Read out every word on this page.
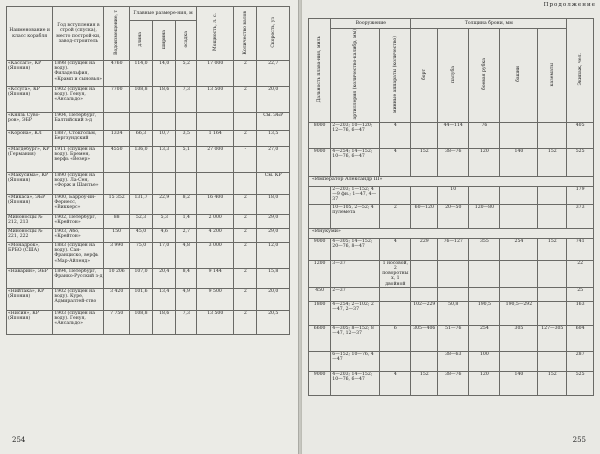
Наименование и класс корабля	Год вступления в строй (спуска), место построй-ки, завод-строитель	Водоизмещение, т	Главные размере-ния, м			Мощность, л. с.	Количество валов	Скорость, уз
			длина	ширина	осадка			
«Кассагі», КР (Япония)	1898 (спущен на воду). Филадельфия, «Крамп и сыновья»	4760	114,0	14,0	5,2	17 000	2	22,7
«Кссуга», КР (Япония)	1902 (спущен на воду). Генуя, «Ансальдо»	7700	108,8	18,6	7,3	13 500	2	20,0
«Князь Суво-ров», ЭБР	1904, Петербург, Балтийский з-д							См. ЭБР
«Корона», КЛ	1887, Стокгольм, Бергзундский	1334	66,3	10,7	3,5	1 164	2	13,5
«Магдебург», КР (Германия)	1911 (спущен на воду). Бремен, верфь «Везер»	4550	136,0	13,3	5,1	27 000	-	27,0
«Макусима», КР (Япония)	1890 (спущен на воду). Ла-Сен, «Форж и Шантье»							См. КР
«Микаса», ЭБР (Япония)	1900, Барроу-ин-Фернесс, «Виккерс»	15 352	131,7	22,9	8,2	16 400	2	18,0
Миноносцы № 212, 213	1902, Петербург, «Крейтон»	88	52,3	5,3	1,4	2 000	2	29,0
Миноносцы № 221, 222	1903, Або, «Крейтон»	150	45,0	4,6	2,7	4 200	2	29,0
«Монадрок», БРБО (США)	1883 (спущен на воду). Сан-Франциско, верфь «Мар-Айленд»	3 990	75,0	17,0	4,8	3 000	2	12,0
«Наварин», ЭБР	1894, Петербург, Франко-Русский з-д	10 206	107,0	20,4	8,4	9 144	2	15,8
«Нийтака», КР (Япония)	1902 (спущен на воду). Куре, Адмиралтей-ство	3 420	101,6	13,4	4,9	9 500	2	20,0
«Нисин», КР (Япония)	1903 (спущен на воду). Генуя, «Ансальдо»	7 750	108,8	18,6	7,3	13 500	2	20,5
254
Продолжение
Дальность плава-ния, миль	Вооружение		Толщина брони, мм					Экипаж, чел.
	артиллерия (количество-калибр, мм)	минные аппараты (количество)	борт	палуба	боевая рубка	башни	казематы	
8000	2—203; 10—120; 12—76, 6—47	4		44—114	76			405
9000	4—254; 14—152; 10—76, 6—47	4	152	38—76	120	140	152	525
«Император Александр III»								
	2—203; 1—152; 4—9 фн.; 1—47, 4—37			10				179
	10—105, 2—52; 4 пулемета	2	60—120	20—50	120—80			373
«Инукуми»								
9000	4—305; 14—152; 20—76, 8—47	4	229	76—127	355	254	152	741
1200	3—37	1 носовой, 2 поворотных, 1 двойной						22
450	2—37							25
1800	4—254; 2—102; 2—47, 2—37		102—229	50,8	190,5	190,5—292		163
6600	4—305; 8—152; 8—47, 12—37	6	305—406	51—76	254	305	127—305	604
	6—152; 10—76, 4—47			38—63	100			287
9000	4—203; 14—152; 10—76, 6—47	4	152	38—76	120	140	152	525
255
